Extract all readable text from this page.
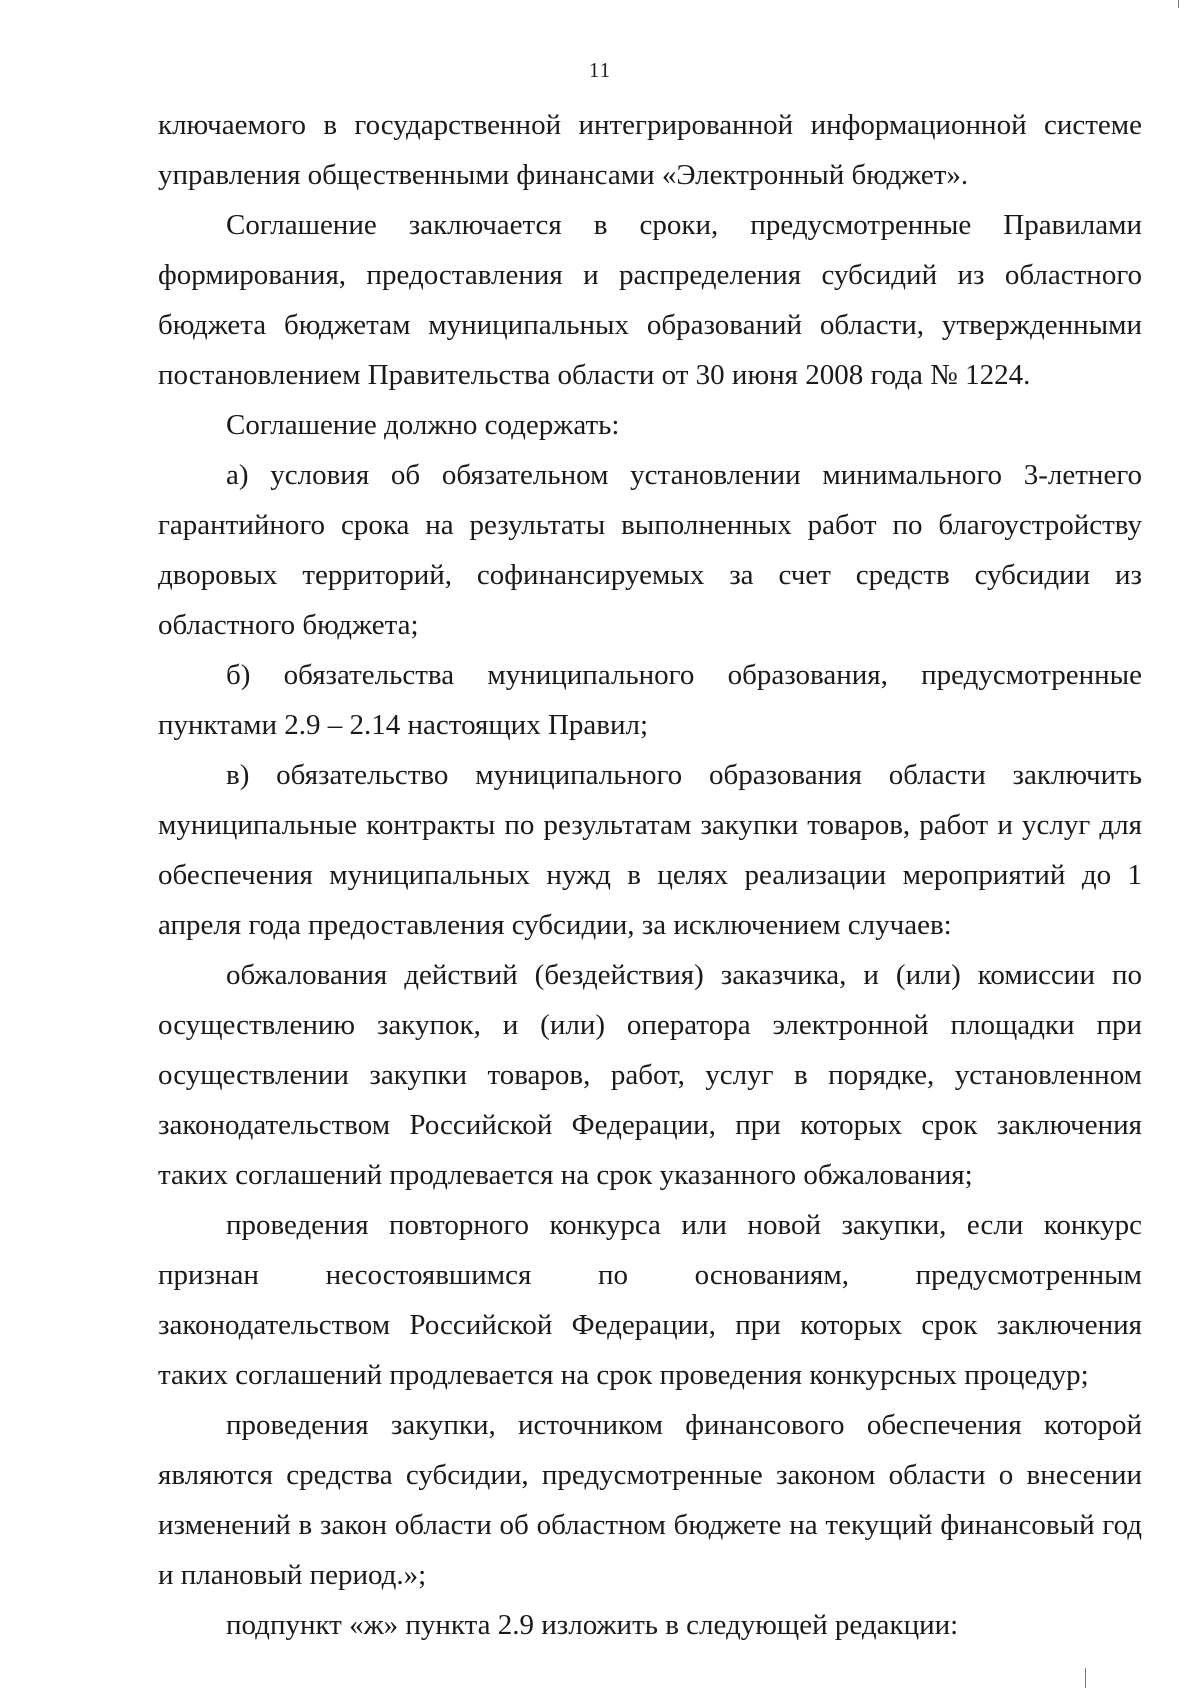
11

ключаемого в государственной интегрированной информационной системе управления общественными финансами «Электронный бюджет».

Соглашение заключается в сроки, предусмотренные Правилами формирования, предоставления и распределения субсидий из областного бюджета бюджетам муниципальных образований области, утвержденными постановлением Правительства области от 30 июня 2008 года № 1224.

Соглашение должно содержать:

а) условия об обязательном установлении минимального 3-летнего гарантийного срока на результаты выполненных работ по благоустройству дворовых территорий, софинансируемых за счет средств субсидии из областного бюджета;

б) обязательства муниципального образования, предусмотренные пунктами 2.9 – 2.14 настоящих Правил;

в) обязательство муниципального образования области заключить муниципальные контракты по результатам закупки товаров, работ и услуг для обеспечения муниципальных нужд в целях реализации мероприятий до 1 апреля года предоставления субсидии, за исключением случаев:

обжалования действий (бездействия) заказчика, и (или) комиссии по осуществлению закупок, и (или) оператора электронной площадки при осуществлении закупки товаров, работ, услуг в порядке, установленном законодательством Российской Федерации, при которых срок заключения таких соглашений продлевается на срок указанного обжалования;

проведения повторного конкурса или новой закупки, если конкурс признан несостоявшимся по основаниям, предусмотренным законодательством Российской Федерации, при которых срок заключения таких соглашений продлевается на срок проведения конкурсных процедур;

проведения закупки, источником финансового обеспечения которой являются средства субсидии, предусмотренные законом области о внесении изменений в закон области об областном бюджете на текущий финансовый год и плановый период.»;

подпункт «ж» пункта 2.9 изложить в следующей редакции:
